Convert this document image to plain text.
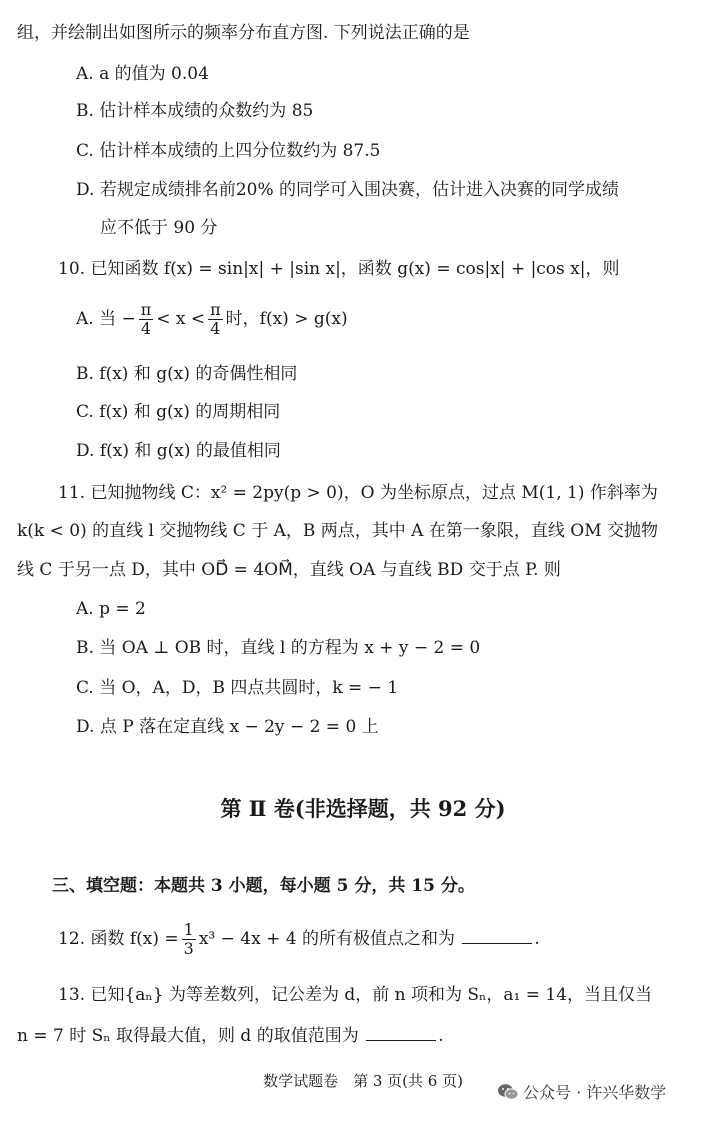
组，并绘制出如图所示的频率分布直方图. 下列说法正确的是
A. a 的值为 0.04
B. 估计样本成绩的众数约为 85
C. 估计样本成绩的上四分位数约为 87.5
D. 若规定成绩排名前20% 的同学可入围决赛，估计进入决赛的同学成绩
应不低于 90 分
10. 已知函数 f(x) = sin|x| + |sin x|，函数 g(x) = cos|x| + |cos x|，则
A. 当 − $\frac{\pi}{4} < x < \frac{\pi}{4}$ 时，f(x) > g(x)
B. f(x) 和 g(x) 的奇偶性相同
C. f(x) 和 g(x) 的周期相同
D. f(x) 和 g(x) 的最值相同
11. 已知抛物线 C：x² = 2py(p > 0)，O 为坐标原点，过点 M(1, 1) 作斜率为
k(k < 0) 的直线 l 交抛物线 C 于 A，B 两点，其中 A 在第一象限，直线 OM 交抛物
线 C 于另一点 D，其中 OD⃗ = 4OM⃗，直线 OA 与直线 BD 交于点 P. 则
A. p = 2
B. 当 OA ⊥ OB 时，直线 l 的方程为 x + y − 2 = 0
C. 当 O，A，D，B 四点共圆时，k = − 1
D. 点 P 落在定直线 x − 2y − 2 = 0 上
第 Ⅱ 卷(非选择题，共 92 分)
三、填空题：本题共 3 小题，每小题 5 分，共 15 分。
12. 函数 $f(x) = \frac{1}{3} x^3 - 4x + 4$ 的所有极值点之和为	.
13. 已知{aₙ} 为等差数列，记公差为 d，前 n 项和为 Sₙ，a₁ = 14，当且仅当
n = 7 时 Sₙ 取得最大值，则 d 的取值范围为	.
数学试题卷　第 3 页(共 6 页)
公众号 · 许兴华数学
